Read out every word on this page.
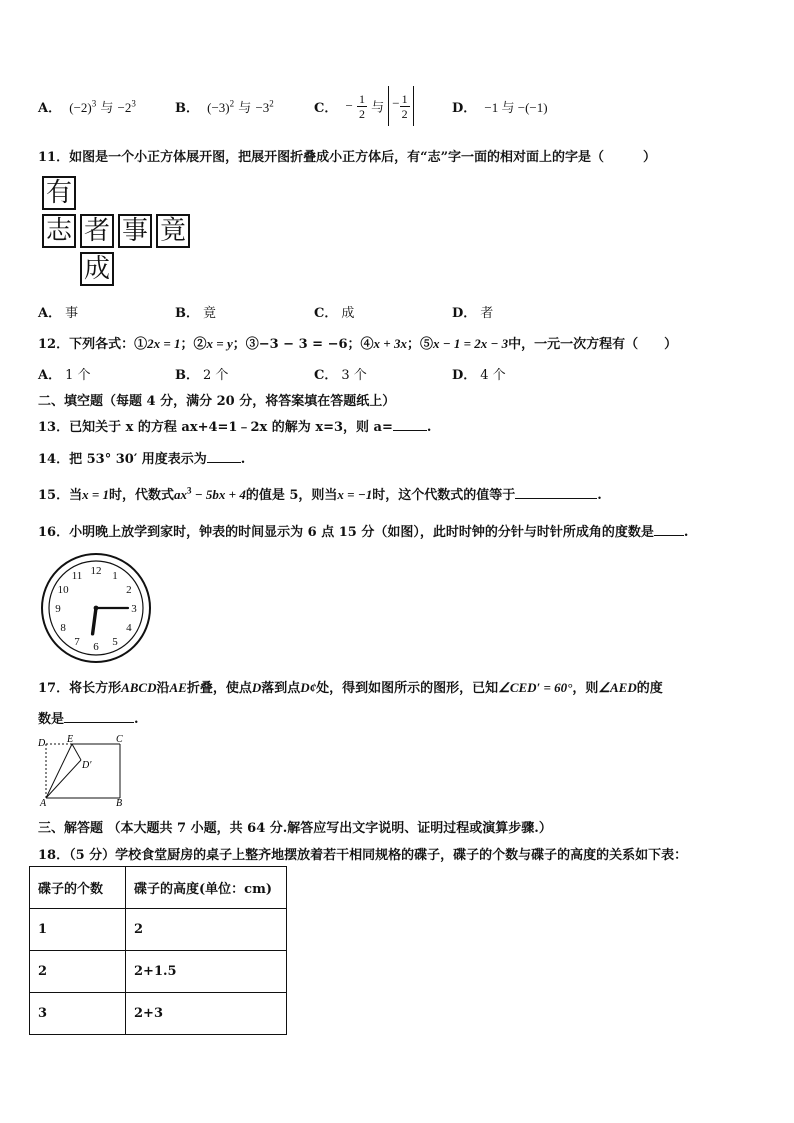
A． $(-2)^3$ 与 $-2^3$	B． $(-3)^2$ 与 $-3^2$	C． − $\frac{1}{2}$ 与 − $\frac{1}{2}$	D． −1 与 −(−1)
11．如图是一个小正方体展开图，把展开图折叠成小正方体后，有“志”字一面的相对面上的字是（　　　）
有
志 者 事 竟
成
A． 事	B． 竟	C． 成	D． 者
12．下列各式：①2x = 1；②x = y；③−3 − 3 = −6；④x + 3x；⑤x − 1 = 2x − 3中，一元一次方程有（　　）
A． 1 个	B． 2 个	C． 3 个	D． 4 个
二、填空题（每题 4 分，满分 20 分，将答案填在答题纸上）
13．已知关于 x 的方程 ax+4=1﹣2x 的解为 x=3，则 a=	.
14．把 53° 30′ 用度表示为	.
15．当x = 1时，代数式$ax^3 - 5bx + 4$的值是 5，则当x = −1时，这个代数式的值等于	.
16．小明晚上放学到家时，钟表的时间显示为 6 点 15 分（如图），此时时钟的分针与时针所成角的度数是 .
12 1
2
3
4
5
6
7
8
9
10
11
17．将长方形ABCD沿AE折叠，使点D落到点D¢处，得到如图所示的图形，已知∠CED′ = 60°，则∠AED的度
数是	.
D E	C
D′
A	B
三、解答题 （本大题共 7 小题，共 64 分.解答应写出文字说明、证明过程或演算步骤.）
18．（5 分）学校食堂厨房的桌子上整齐地摆放着若干相同规格的碟子，碟子的个数与碟子的高度的关系如下表：
碟子的个数	碟子的高度(单位：cm)
1	2
2	2+1.5
3	2+3
